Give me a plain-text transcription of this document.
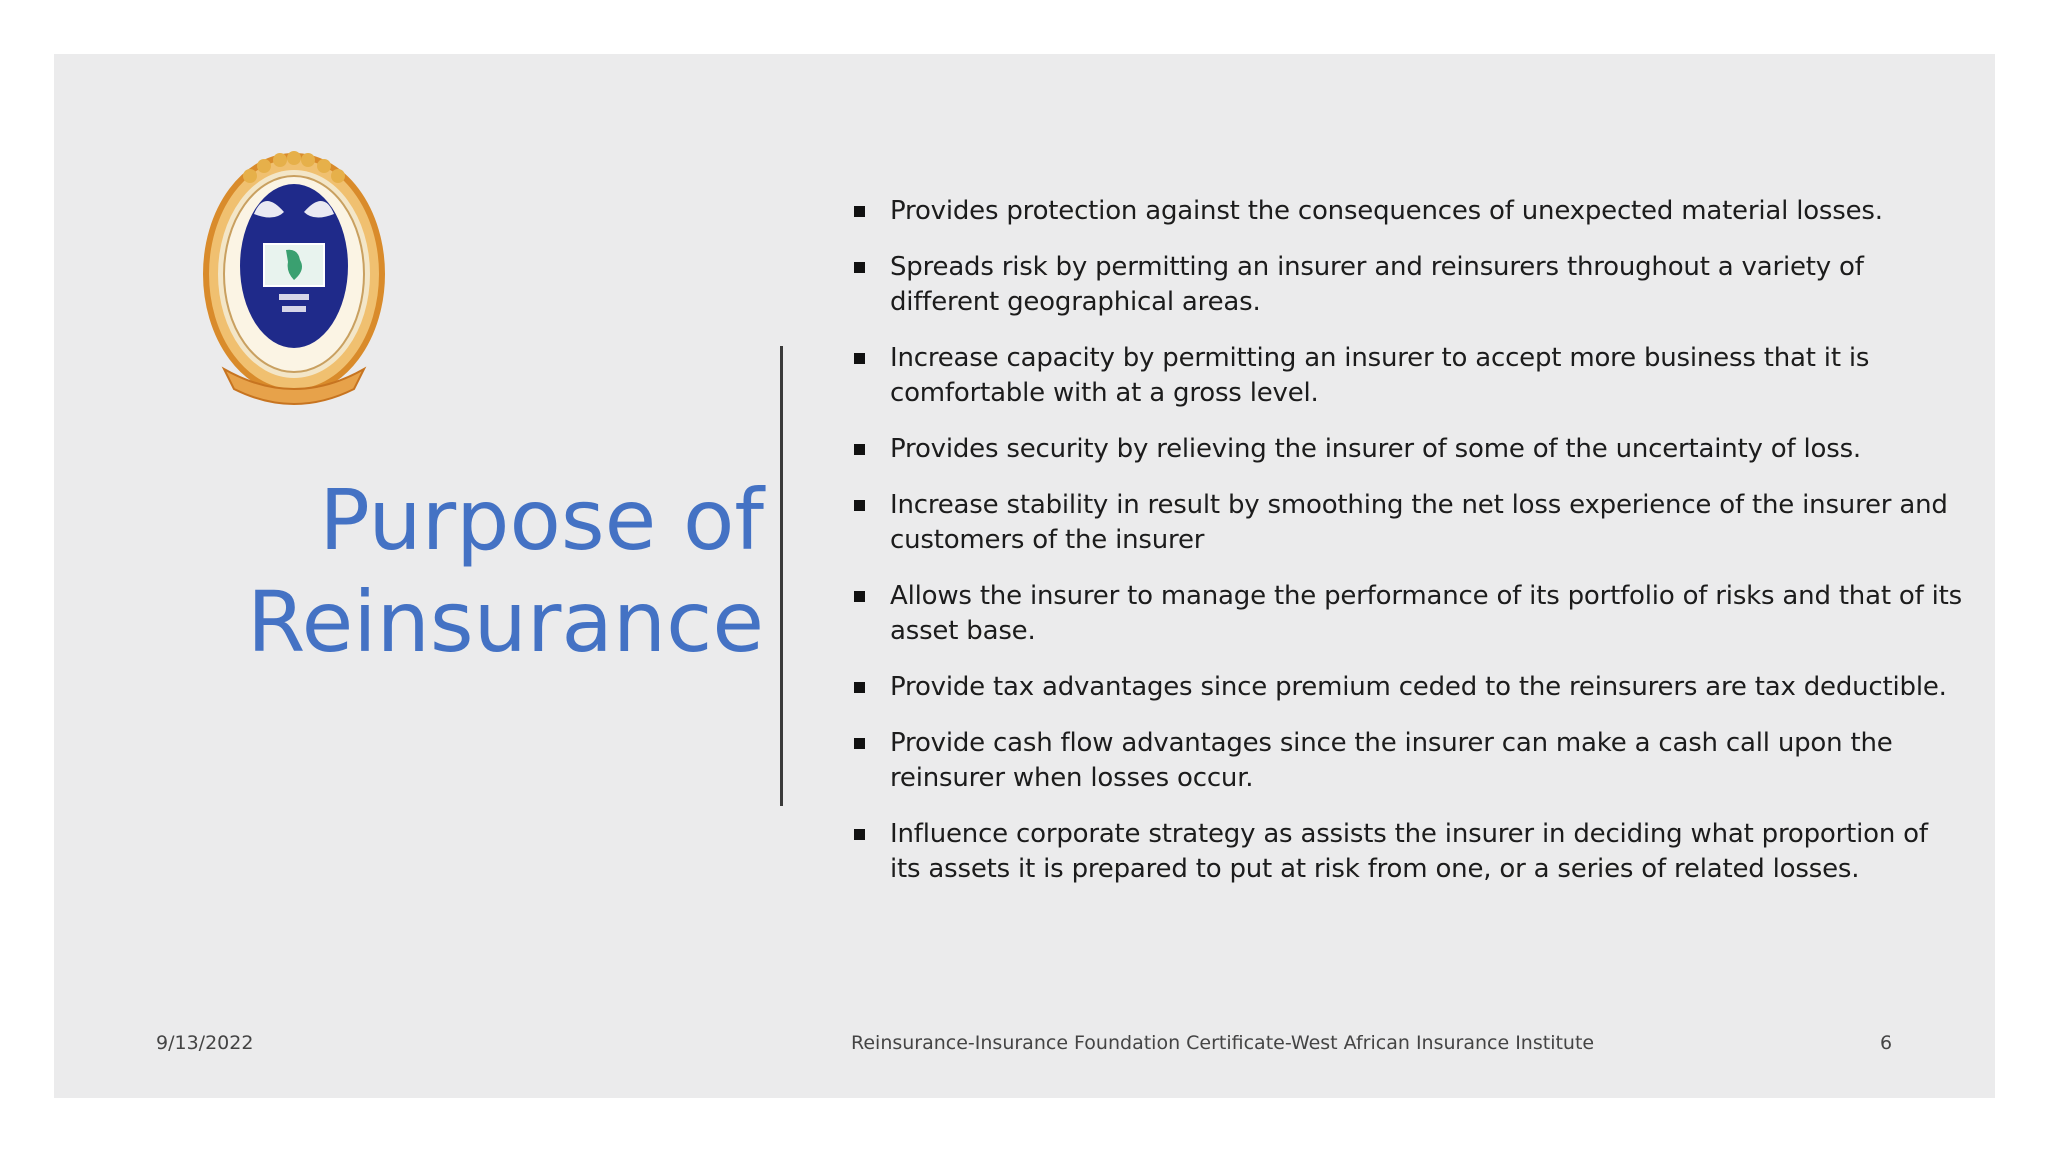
Purpose of
Reinsurance
Provides protection against the consequences of unexpected material losses.
Spreads risk by permitting an insurer and reinsurers throughout a variety of different geographical areas.
Increase capacity by permitting an insurer to accept more business that it is comfortable with at a gross level.
Provides security by relieving the insurer of some of the uncertainty of loss.
Increase stability in result by smoothing the net loss experience of the insurer and customers of the insurer
Allows the insurer to manage the performance of its portfolio of risks and that of its asset base.
Provide tax advantages since premium ceded to the reinsurers are tax deductible.
Provide cash flow advantages since the insurer can make a cash call upon the reinsurer when losses occur.
Influence corporate strategy as assists the insurer in deciding what proportion of its assets it is prepared to put at risk from one, or a series of related losses.
9/13/2022	Reinsurance-Insurance Foundation Certificate-West African Insurance Institute	6
